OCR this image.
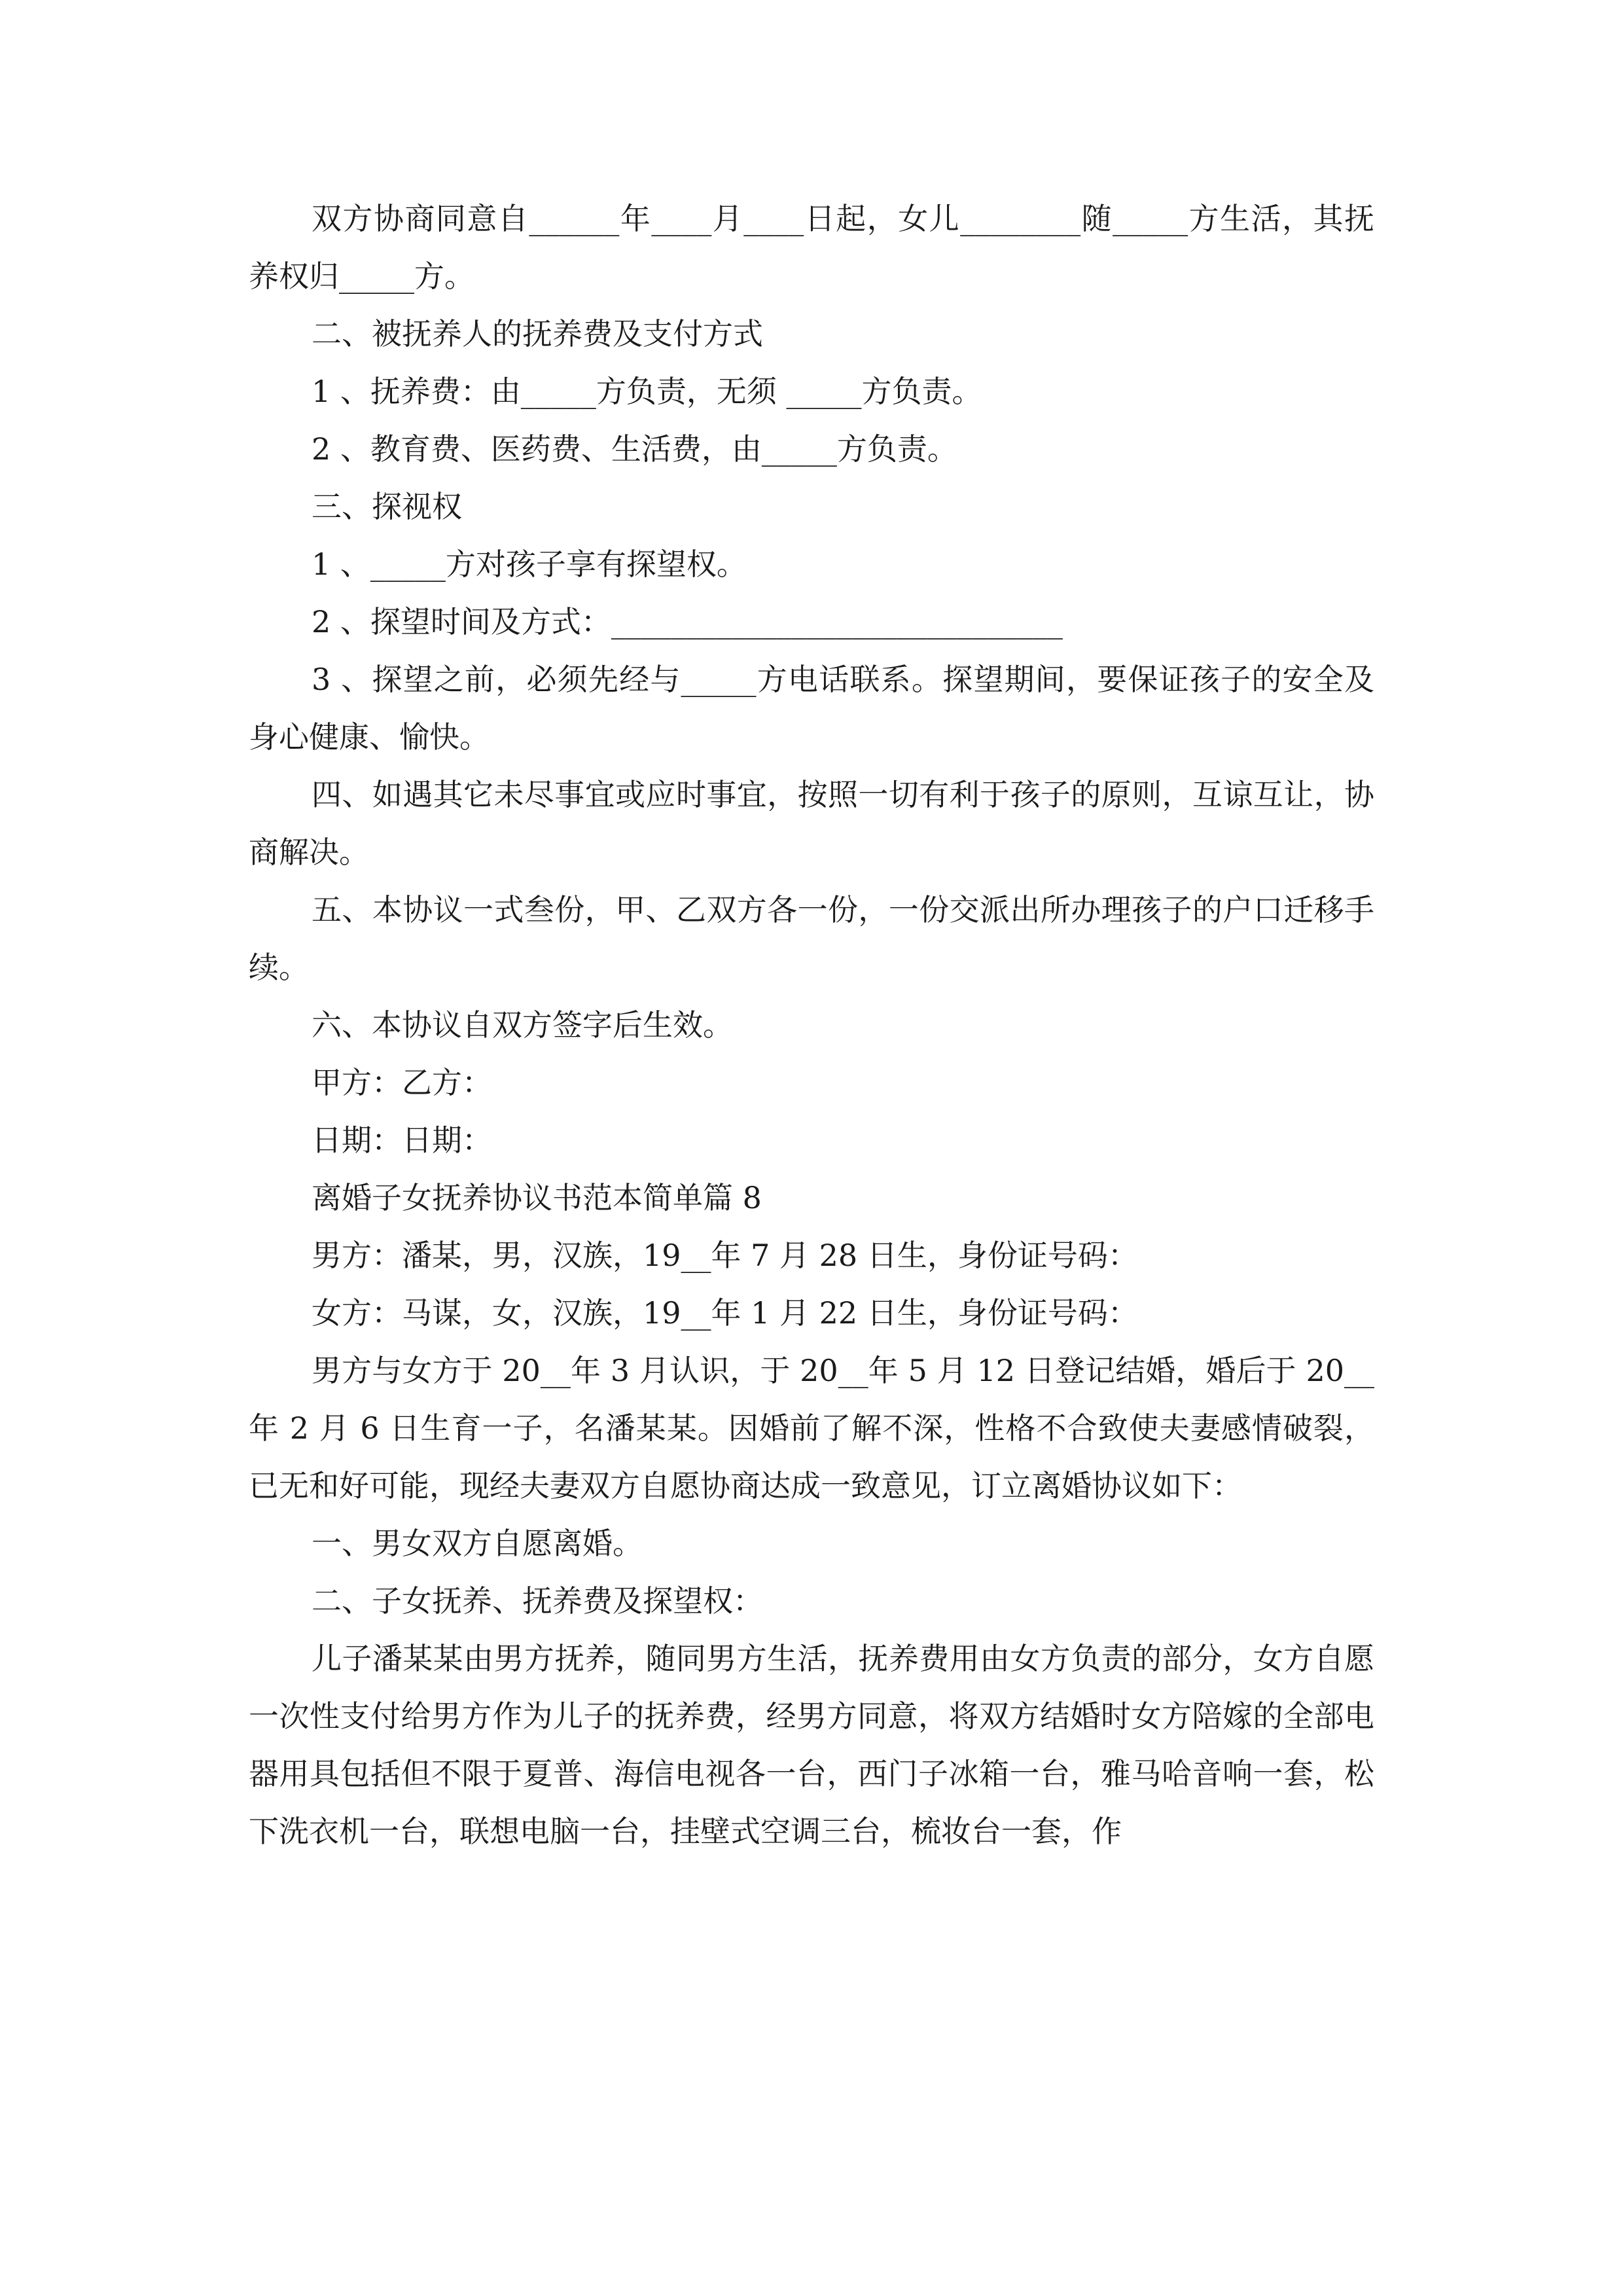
双方协商同意自______年____月____日起，女儿________随_____方生活，其抚养权归_____方。

二、被抚养人的抚养费及支付方式

1 、抚养费：由_____方负责，无须 _____方负责。

2 、教育费、医药费、生活费，由_____方负责。

三、探视权

1 、_____方对孩子享有探望权。

2 、探望时间及方式：______________________________

3 、探望之前，必须先经与_____方电话联系。探望期间，要保证孩子的安全及身心健康、愉快。

四、如遇其它未尽事宜或应时事宜，按照一切有利于孩子的原则，互谅互让，协商解决。

五、本协议一式叁份，甲、乙双方各一份，一份交派出所办理孩子的户口迁移手续。

六、本协议自双方签字后生效。

甲方：乙方：

日期：日期：

离婚子女抚养协议书范本简单篇 8

男方：潘某，男，汉族，19__年 7 月 28 日生，身份证号码：

女方：马谋，女，汉族，19__年 1 月 22 日生，身份证号码：

男方与女方于 20__年 3 月认识，于 20__年 5 月 12 日登记结婚，婚后于 20__年 2 月 6 日生育一子，名潘某某。因婚前了解不深，性格不合致使夫妻感情破裂，已无和好可能，现经夫妻双方自愿协商达成一致意见，订立离婚协议如下：

一、男女双方自愿离婚。

二、子女抚养、抚养费及探望权：

儿子潘某某由男方抚养，随同男方生活，抚养费用由女方负责的部分，女方自愿一次性支付给男方作为儿子的抚养费，经男方同意，将双方结婚时女方陪嫁的全部电器用具包括但不限于夏普、海信电视各一台，西门子冰箱一台，雅马哈音响一套，松下洗衣机一台，联想电脑一台，挂壁式空调三台，梳妆台一套，作
